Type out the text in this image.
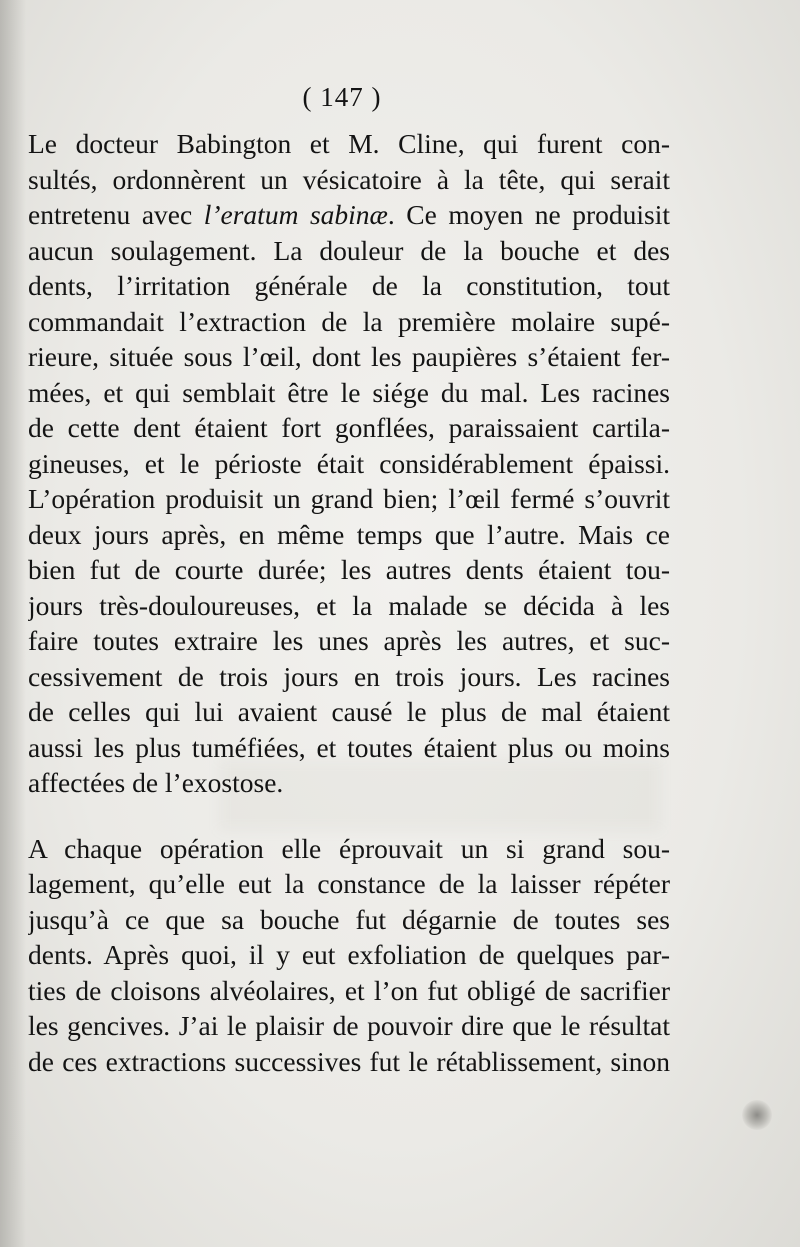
( 147 )
Le docteur Babington et M. Cline, qui furent con-
sultés, ordonnèrent un vésicatoire à la tête, qui serait
entretenu avec l’eratum sabinæ. Ce moyen ne produisit
aucun soulagement. La douleur de la bouche et des
dents, l’irritation générale de la constitution, tout
commandait l’extraction de la première molaire supé-
rieure, située sous l’œil, dont les paupières s’étaient fer-
mées, et qui semblait être le siége du mal. Les racines
de cette dent étaient fort gonflées, paraissaient cartila-
gineuses, et le périoste était considérablement épaissi.
L’opération produisit un grand bien; l’œil fermé s’ouvrit
deux jours après, en même temps que l’autre. Mais ce
bien fut de courte durée; les autres dents étaient tou-
jours très-douloureuses, et la malade se décida à les
faire toutes extraire les unes après les autres, et suc-
cessivement de trois jours en trois jours. Les racines
de celles qui lui avaient causé le plus de mal étaient
aussi les plus tuméfiées, et toutes étaient plus ou moins
affectées de l’exostose.
A chaque opération elle éprouvait un si grand sou-
lagement, qu’elle eut la constance de la laisser répéter
jusqu’à ce que sa bouche fut dégarnie de toutes ses
dents. Après quoi, il y eut exfoliation de quelques par-
ties de cloisons alvéolaires, et l’on fut obligé de sacrifier
les gencives. J’ai le plaisir de pouvoir dire que le résultat
de ces extractions successives fut le rétablissement, sinon
